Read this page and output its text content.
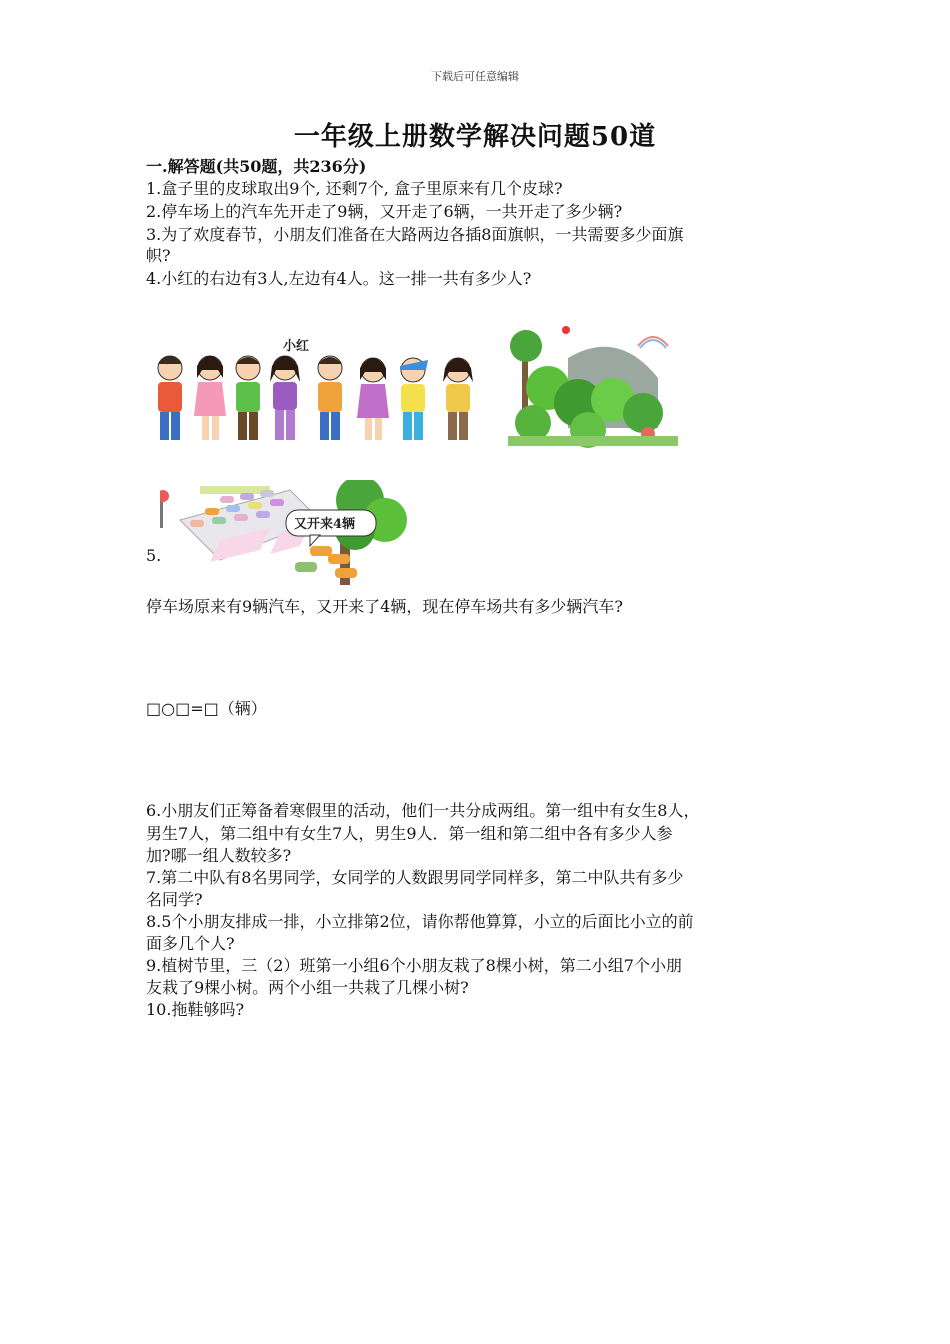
下载后可任意编辑
一年级上册数学解决问题50道
一.解答题(共50题，共236分)
1.盒子里的皮球取出9个, 还剩7个, 盒子里原来有几个皮球?
2.停车场上的汽车先开走了9辆，又开走了6辆，一共开走了多少辆?
3.为了欢度春节，小朋友们准备在大路两边各插8面旗帜，一共需要多少面旗
帜?
4.小红的右边有3人,左边有4人。这一排一共有多少人?
小红
又开来4辆
5.
停车场原来有9辆汽车，又开来了4辆，现在停车场共有多少辆汽车?
□○□=□（辆）
6.小朋友们正筹备着寒假里的活动，他们一共分成两组。第一组中有女生8人，
男生7人，第二组中有女生7人，男生9人．第一组和第二组中各有多少人参
加?哪一组人数较多?
7.第二中队有8名男同学，女同学的人数跟男同学同样多，第二中队共有多少
名同学?
8.5个小朋友排成一排，小立排第2位，请你帮他算算，小立的后面比小立的前
面多几个人?
9.植树节里，三（2）班第一小组6个小朋友栽了8棵小树，第二小组7个小朋
友栽了9棵小树。两个小组一共栽了几棵小树?
10.拖鞋够吗?
